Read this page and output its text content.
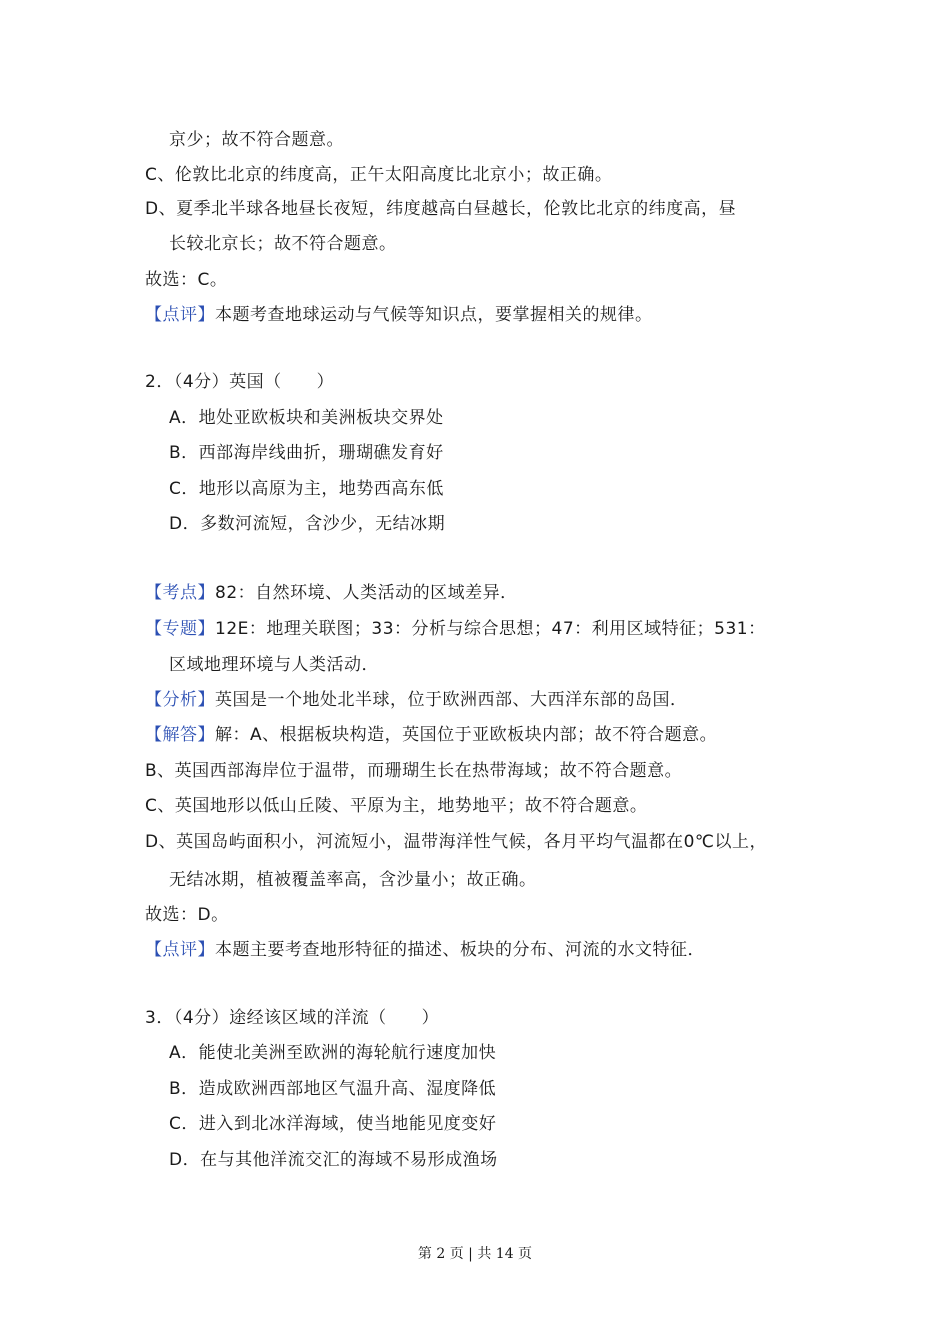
京少；故不符合题意。
C、伦敦比北京的纬度高，正午太阳高度比北京小；故正确。
D、夏季北半球各地昼长夜短，纬度越高白昼越长，伦敦比北京的纬度高，昼
长较北京长；故不符合题意。
故选：C。
【点评】本题考查地球运动与气候等知识点，要掌握相关的规律。
2．（4分）英国（　　）
A．地处亚欧板块和美洲板块交界处
B．西部海岸线曲折，珊瑚礁发育好
C．地形以高原为主，地势西高东低
D．多数河流短，含沙少，无结冰期
【考点】82：自然环境、人类活动的区域差异．
【专题】12E：地理关联图；33：分析与综合思想；47：利用区域特征；531：
区域地理环境与人类活动．
【分析】英国是一个地处北半球，位于欧洲西部、大西洋东部的岛国．
【解答】解：A、根据板块构造，英国位于亚欧板块内部；故不符合题意。
B、英国西部海岸位于温带，而珊瑚生长在热带海域；故不符合题意。
C、英国地形以低山丘陵、平原为主，地势地平；故不符合题意。
D、英国岛屿面积小，河流短小，温带海洋性气候，各月平均气温都在0℃以上，
无结冰期，植被覆盖率高，含沙量小；故正确。
故选：D。
【点评】本题主要考查地形特征的描述、板块的分布、河流的水文特征．
3．（4分）途经该区域的洋流（　　）
A．能使北美洲至欧洲的海轮航行速度加快
B．造成欧洲西部地区气温升高、湿度降低
C．进入到北冰洋海域，使当地能见度变好
D．在与其他洋流交汇的海域不易形成渔场
第 2 页 | 共 14 页
